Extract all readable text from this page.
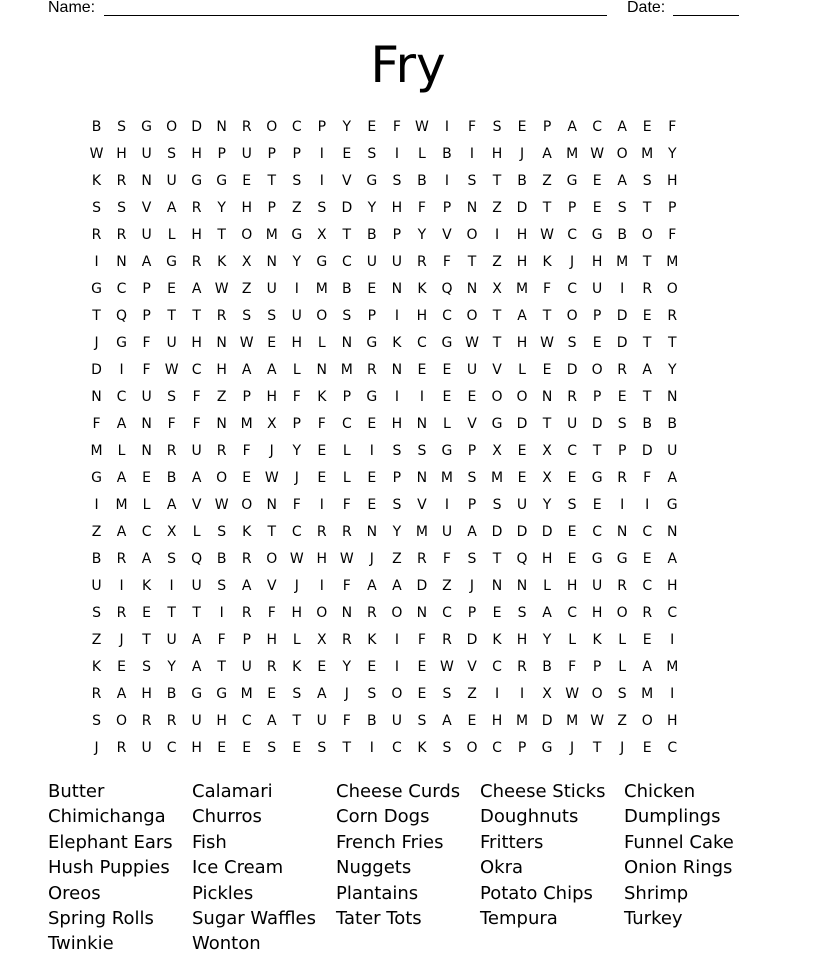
Name:	Date:
Fry
B	S	G	O	D	N	R	O	C	P	Y	E	F	W	I	F	S	E	P	A	C	A	E	F
W H	U	S	H	P	U	P	P	I	E	S	I	L	B	I	H	J	A	M W O M	Y
K	R	N	U	G	G	E	T	S	I	V	G	S	B	I	S	T	B	Z	G	E	A	S	H
S	S	V	A	R	Y	H	P	Z	S	D	Y	H	F	P	N	Z	D	T	P	E	S	T	P
R	R	U	L	H	T	O M G	X	T	B	P	Y	V	O	I	H W C	G	B	O	F
I	N	A	G	R	K	X	N	Y	G	C	U	U	R	F	T	Z	H	K	J	H M	T	M
G	C	P	E	A W Z	U	I	M	B	E	N	K	Q	N	X	M	F	C	U	I	R	O
T	Q	P	T	T	R	S	S	U	O	S	P	I	H	C	O	T	A	T	O	P	D	E	R
J	G	F	U	H	N W E	H	L	N	G	K	C	G W T	H W S	E	D	T	T
D	I	F	W C	H	A	A	L	N M	R	N	E	E	U	V	L	E	D	O	R	A	Y
N	C	U	S	F	Z	P	H	F	K	P	G	I	I	E	E	O	O	N	R	P	E	T	N
F	A	N	F	F	N M	X	P	F	C	E	H	N	L	V	G	D	T	U	D	S	B	B
M	L	N	R	U	R	F	J	Y	E	L	I	S	S	G	P	X	E	X	C	T	P	D	U
G	A	E	B	A	O	E W	J	E	L	E	P	N M	S	M	E	X	E	G	R	F	A
I	M	L	A	V W O	N	F	I	F	E	S	V	I	P	S	U	Y	S	E	I	I	G
Z	A	C	X	L	S	K	T	C	R	R	N	Y	M U	A	D	D	D	E	C	N	C	N
B	R	A	S	Q	B	R	O W H W	J	Z	R	F	S	T	Q	H	E	G	G	E	A
U	I	K	I	U	S	A	V	J	I	F	A	A	D	Z	J	N	N	L	H	U	R	C	H
S	R	E	T	T	I	R	F	H	O	N	R	O	N	C	P	E	S	A	C	H	O	R	C
Z	J	T	U	A	F	P	H	L	X	R	K	I	F	R	D	K	H	Y	L	K	L	E	I
K	E	S	Y	A	T	U	R	K	E	Y	E	I	E W V	C	R	B	F	P	L	A	M
R	A	H	B	G	G M	E	S	A	J	S	O	E	S	Z	I	I	X W O	S	M	I
S	O	R	R	U	H	C	A	T	U	F	B	U	S	A	E	H M D M W Z	O	H
J	R	U	C	H	E	E	S	E	S	T	I	C	K	S	O	C	P	G	J	T	J	E	C
Butter	Calamari	Cheese Curds	Cheese Sticks	Chicken
Chimichanga	Churros	Corn Dogs	Doughnuts	Dumplings
Elephant Ears	Fish	French Fries	Fritters	Funnel Cake
Hush Puppies	Ice Cream	Nuggets	Okra	Onion Rings
Oreos	Pickles	Plantains	Potato Chips	Shrimp
Spring Rolls	Sugar Waffles	Tater Tots	Tempura	Turkey
Twinkie	Wonton
